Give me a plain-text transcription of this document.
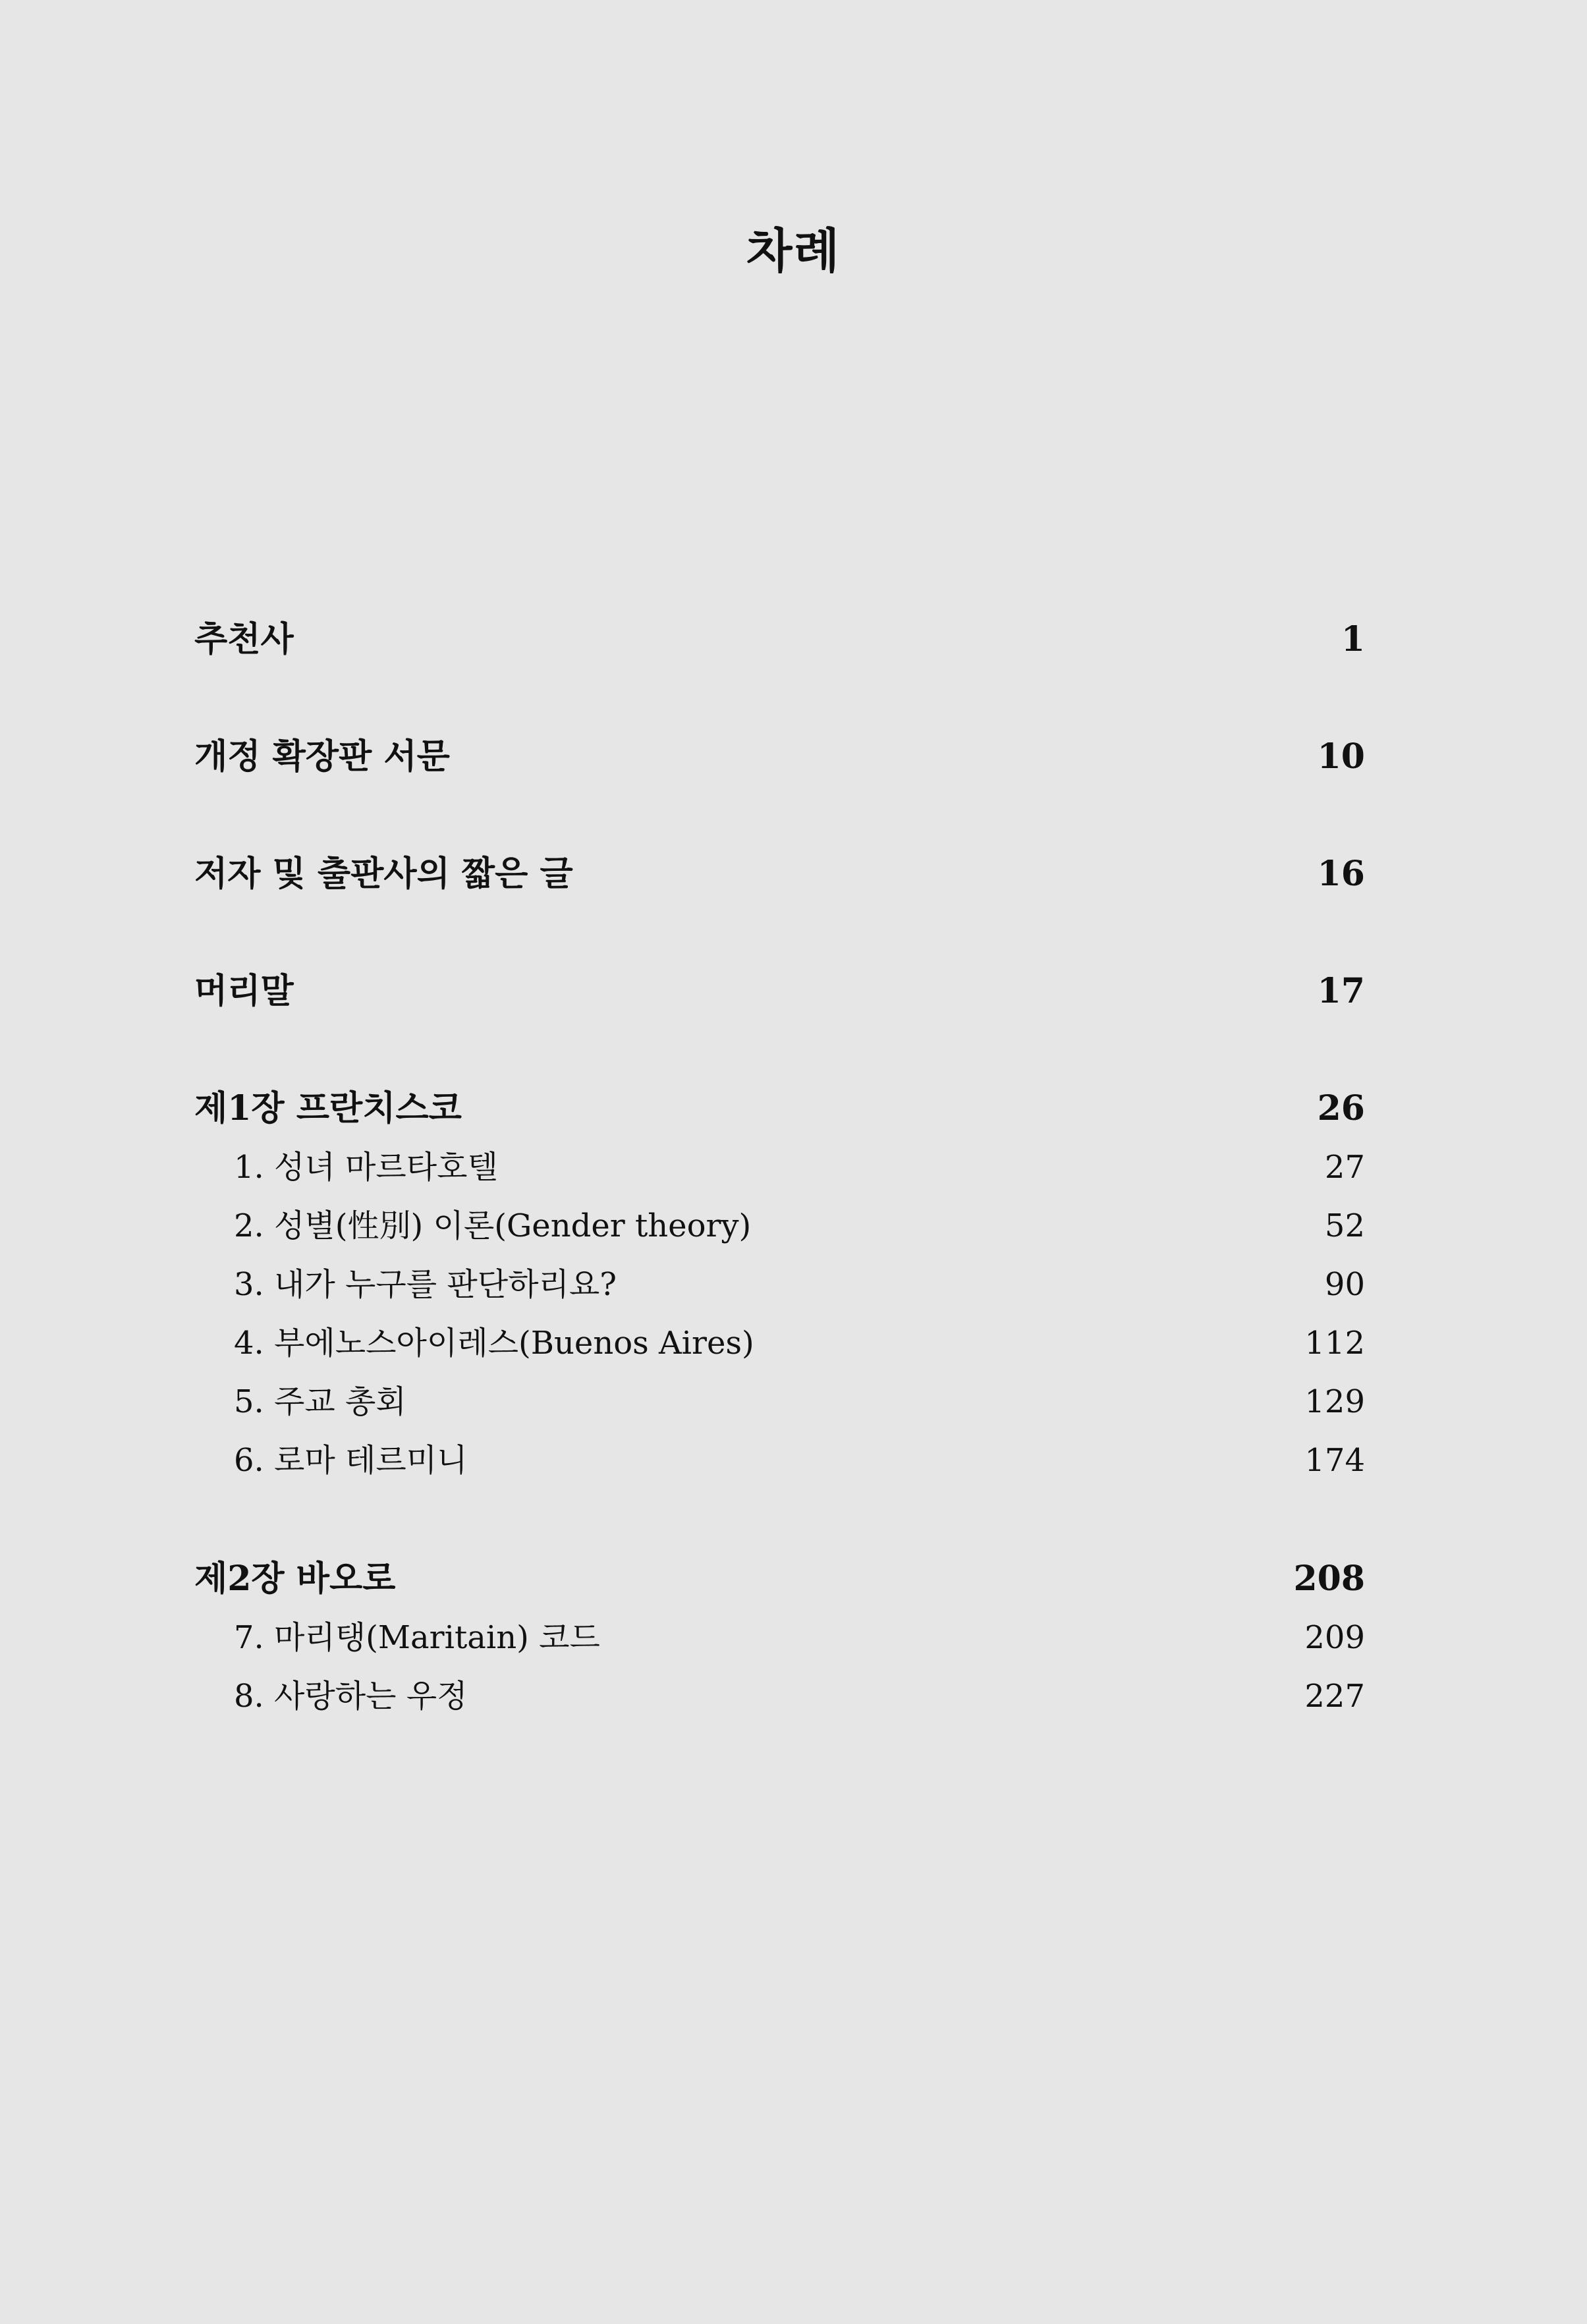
차례
추천사	1
개정 확장판 서문	10
저자 및 출판사의 짧은 글	16
머리말	17
제1장 프란치스코	26
1. 성녀 마르타호텔	27
2. 성별(性別) 이론(Gender theory)	52
3. 내가 누구를 판단하리요?	90
4. 부에노스아이레스(Buenos Aires)	112
5. 주교 총회	129
6. 로마 테르미니	174
제2장 바오로	208
7. 마리탱(Maritain) 코드	209
8. 사랑하는 우정	227
